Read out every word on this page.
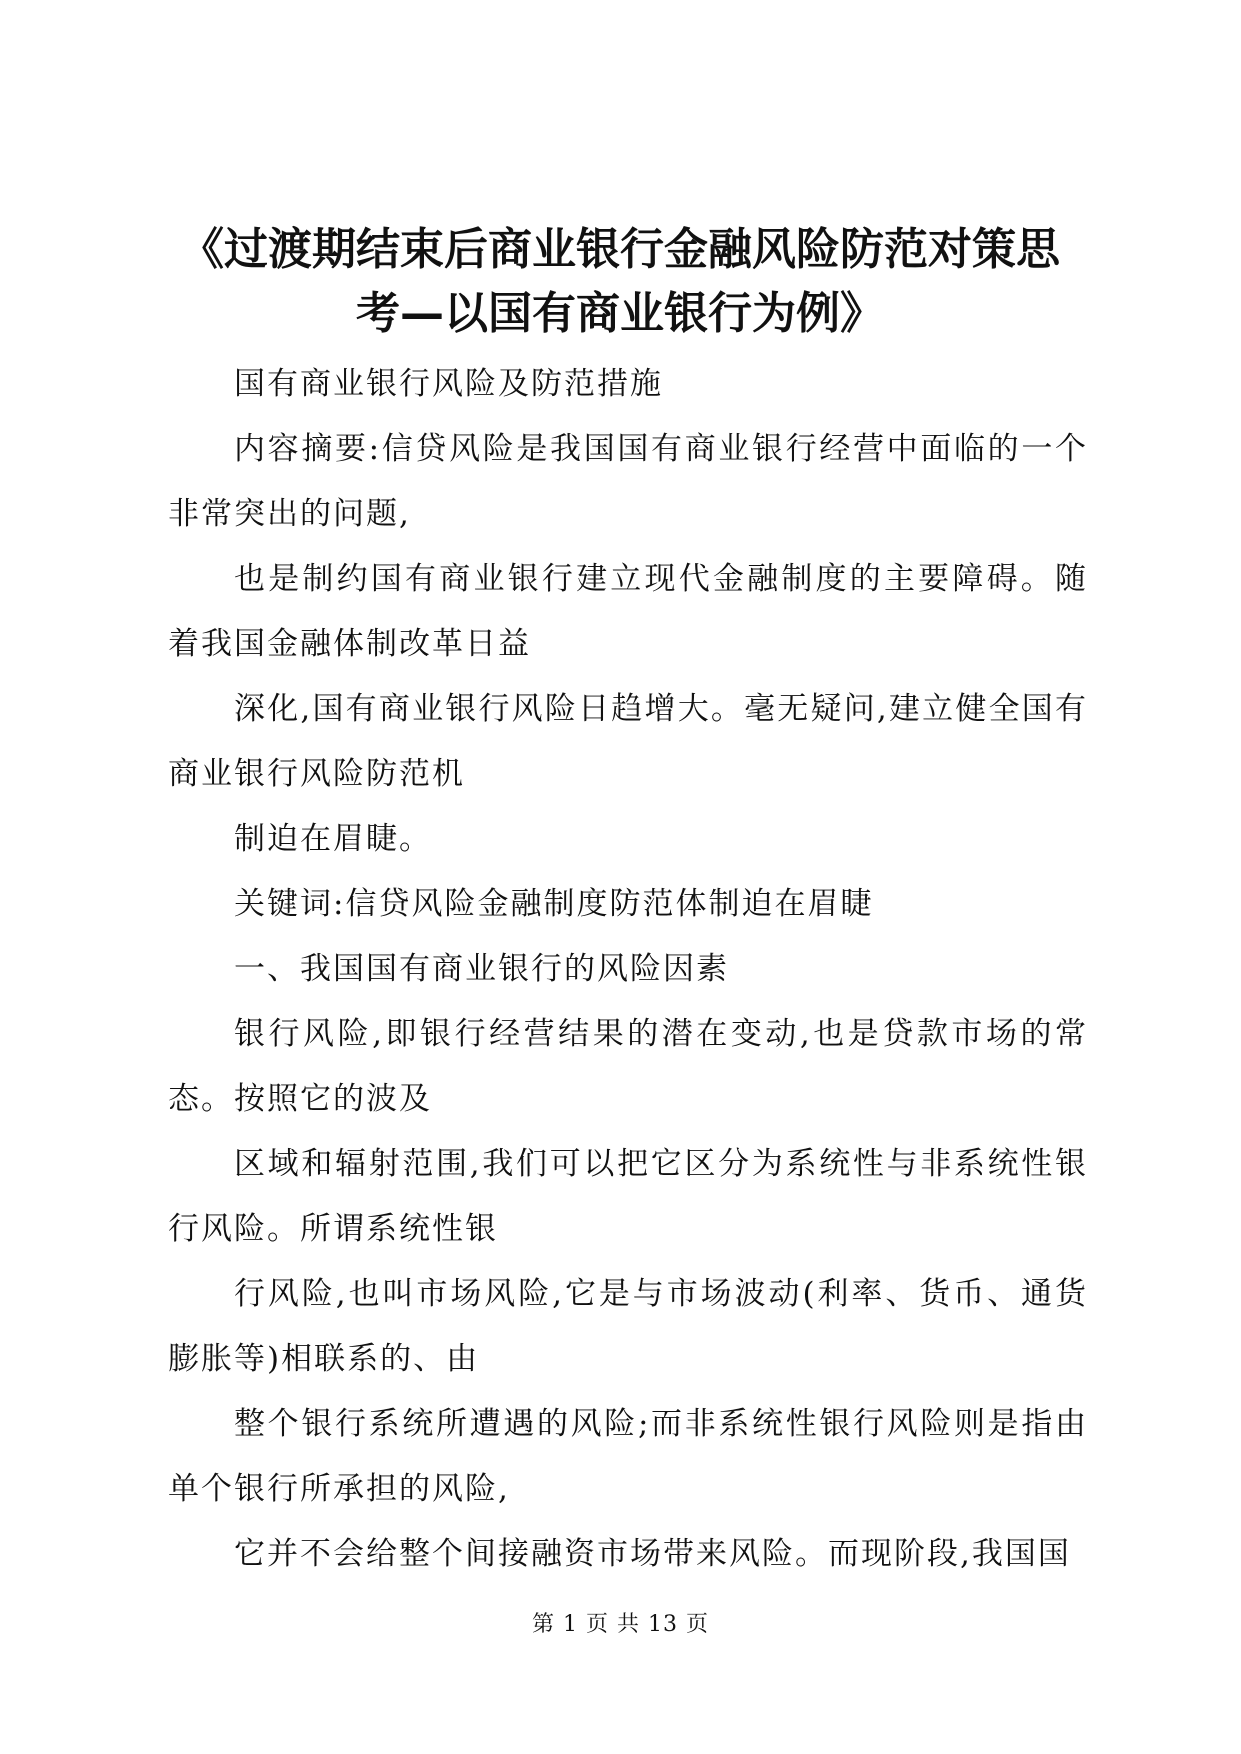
《过渡期结束后商业银行金融风险防范对策思
考—以国有商业银行为例》

国有商业银行风险及防范措施

内容摘要:信贷风险是我国国有商业银行经营中面临的一个非常突出的问题,

也是制约国有商业银行建立现代金融制度的主要障碍。随着我国金融体制改革日益

深化,国有商业银行风险日趋增大。毫无疑问,建立健全国有商业银行风险防范机

制迫在眉睫。

关键词:信贷风险金融制度防范体制迫在眉睫

一、我国国有商业银行的风险因素

银行风险,即银行经营结果的潜在变动,也是贷款市场的常态。按照它的波及

区域和辐射范围,我们可以把它区分为系统性与非系统性银行风险。所谓系统性银

行风险,也叫市场风险,它是与市场波动(利率、货币、通货膨胀等)相联系的、由

整个银行系统所遭遇的风险;而非系统性银行风险则是指由单个银行所承担的风险,

它并不会给整个间接融资市场带来风险。而现阶段,我国国

第 1 页 共 13 页
